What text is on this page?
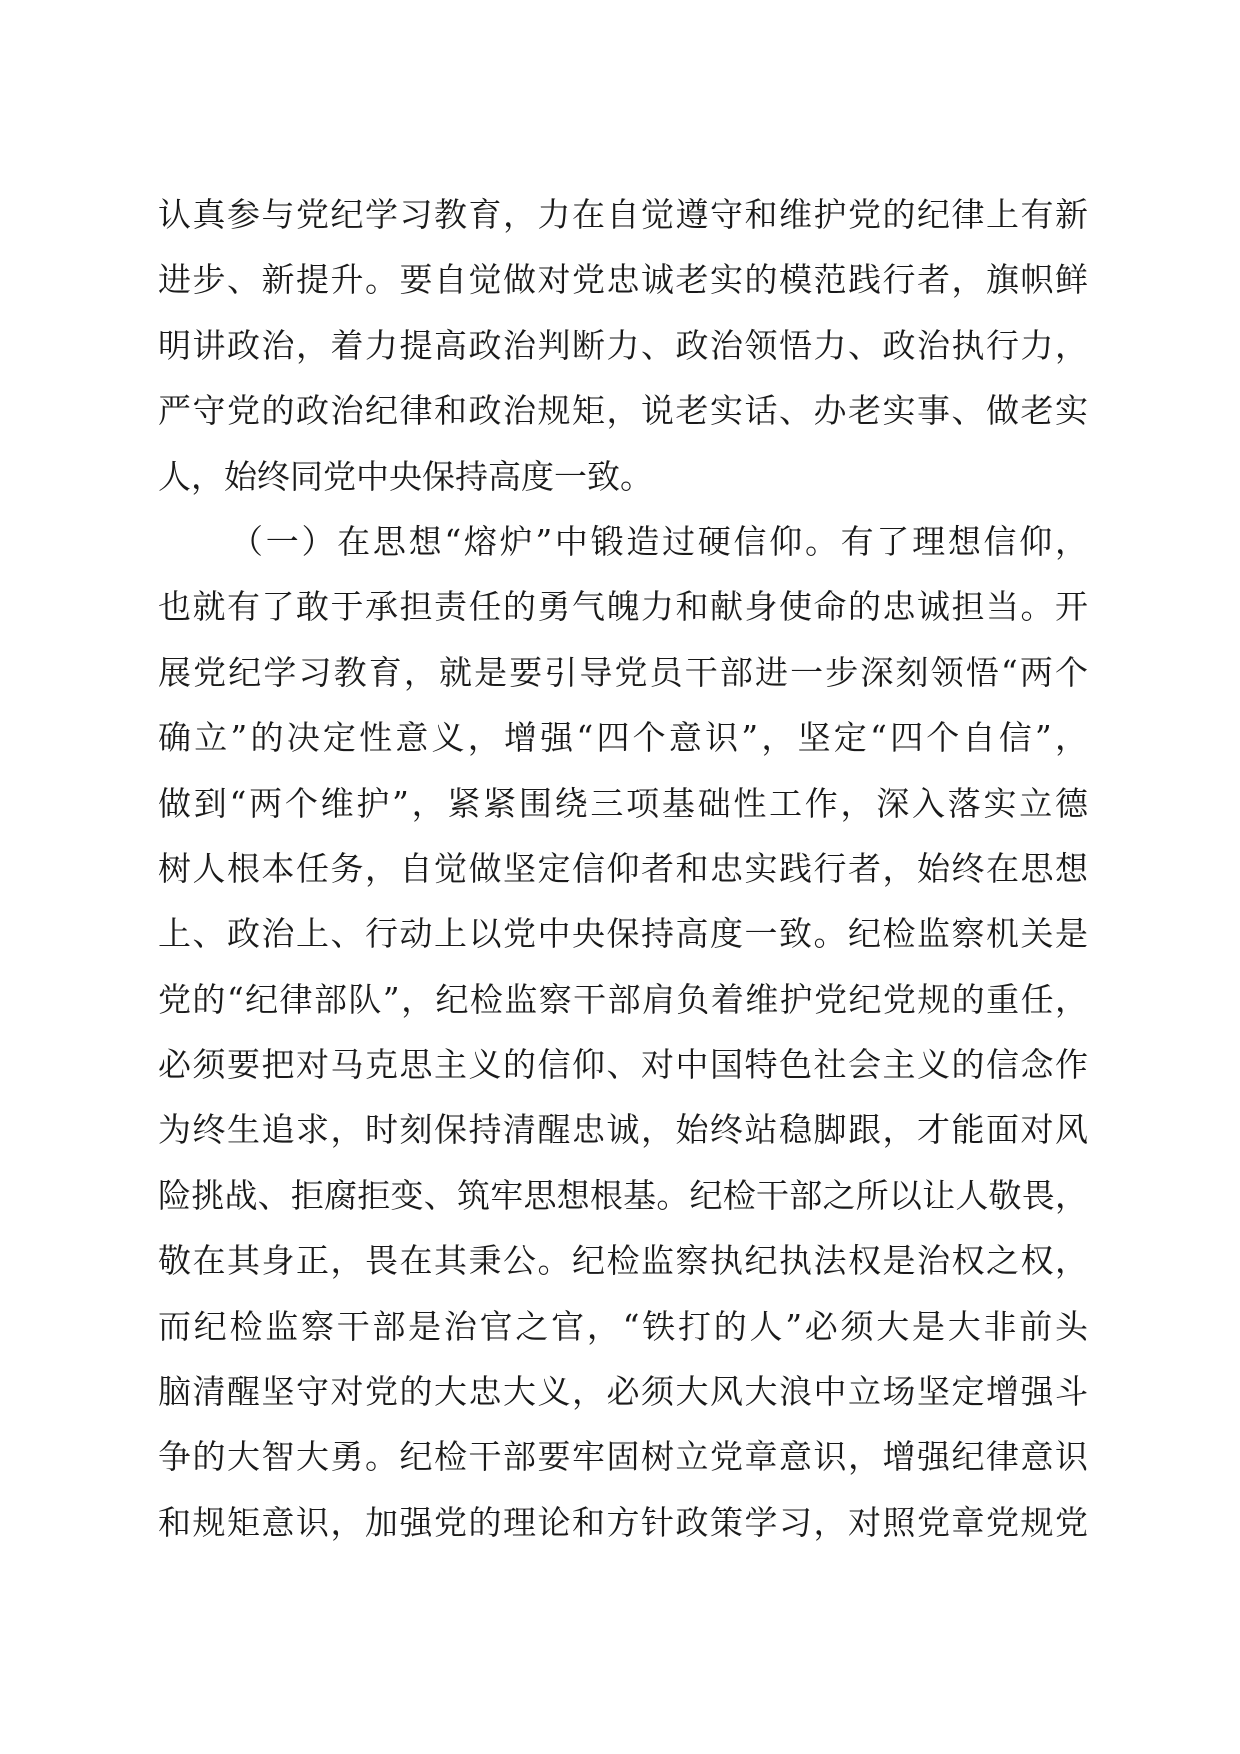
认真参与党纪学习教育，力在自觉遵守和维护党的纪律上有新
进步、新提升。要自觉做对党忠诚老实的模范践行者，旗帜鲜
明讲政治，着力提高政治判断力、政治领悟力、政治执行力，
严守党的政治纪律和政治规矩，说老实话、办老实事、做老实
人，始终同党中央保持高度一致。
（一）在思想“熔炉”中锻造过硬信仰。有了理想信仰，
也就有了敢于承担责任的勇气魄力和献身使命的忠诚担当。开
展党纪学习教育，就是要引导党员干部进一步深刻领悟“两个
确立”的决定性意义，增强“四个意识”，坚定“四个自信”，
做到“两个维护”，紧紧围绕三项基础性工作，深入落实立德
树人根本任务，自觉做坚定信仰者和忠实践行者，始终在思想
上、政治上、行动上以党中央保持高度一致。纪检监察机关是
党的“纪律部队”，纪检监察干部肩负着维护党纪党规的重任，
必须要把对马克思主义的信仰、对中国特色社会主义的信念作
为终生追求，时刻保持清醒忠诚，始终站稳脚跟，才能面对风
险挑战、拒腐拒变、筑牢思想根基。纪检干部之所以让人敬畏，
敬在其身正，畏在其秉公。纪检监察执纪执法权是治权之权，
而纪检监察干部是治官之官，“铁打的人”必须大是大非前头
脑清醒坚守对党的大忠大义，必须大风大浪中立场坚定增强斗
争的大智大勇。纪检干部要牢固树立党章意识，增强纪律意识
和规矩意识，加强党的理论和方针政策学习，对照党章党规党
